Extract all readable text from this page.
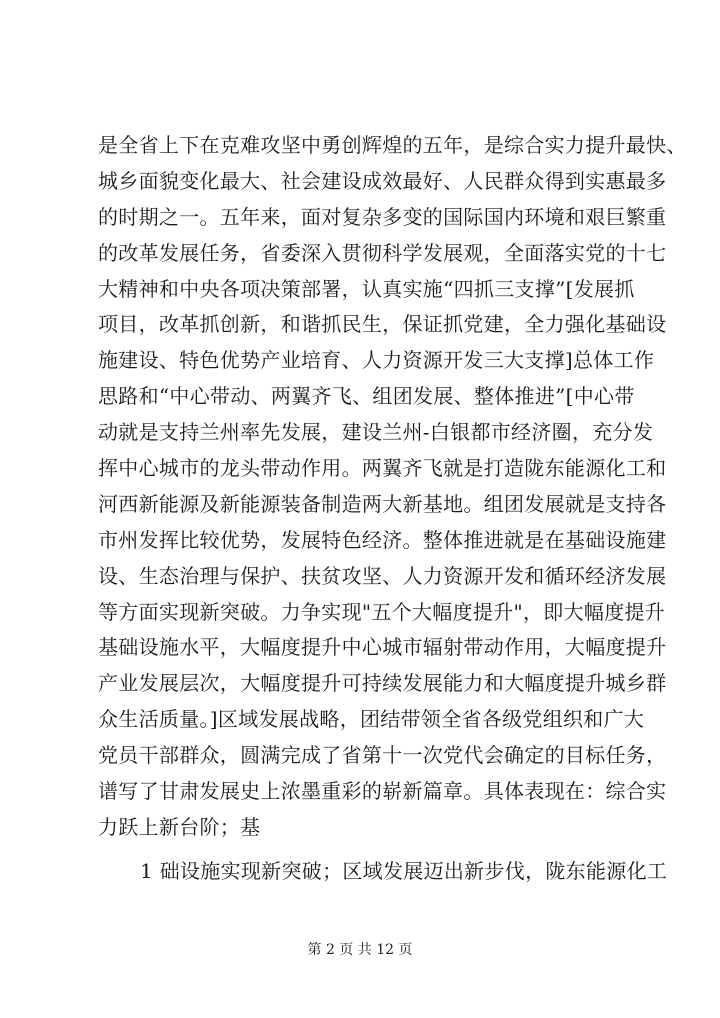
是全省上下在克难攻坚中勇创辉煌的五年，是综合实力提升最快、
城乡面貌变化最大、社会建设成效最好、人民群众得到实惠最多
的时期之一。五年来，面对复杂多变的国际国内环境和艰巨繁重
的改革发展任务，省委深入贯彻科学发展观，全面落实党的十七
大精神和中央各项决策部署，认真实施“四抓三支撑”[发展抓
项目，改革抓创新，和谐抓民生，保证抓党建，全力强化基础设
施建设、特色优势产业培育、人力资源开发三大支撑]总体工作
思路和“中心带动、两翼齐飞、组团发展、整体推进”[中心带
动就是支持兰州率先发展，建设兰州-白银都市经济圈，充分发
挥中心城市的龙头带动作用。两翼齐飞就是打造陇东能源化工和
河西新能源及新能源装备制造两大新基地。组团发展就是支持各
市州发挥比较优势，发展特色经济。整体推进就是在基础设施建
设、生态治理与保护、扶贫攻坚、人力资源开发和循环经济发展
等方面实现新突破。力争实现"五个大幅度提升"，即大幅度提升
基础设施水平，大幅度提升中心城市辐射带动作用，大幅度提升
产业发展层次，大幅度提升可持续发展能力和大幅度提升城乡群
众生活质量。]区域发展战略，团结带领全省各级党组织和广大
党员干部群众，圆满完成了省第十一次党代会确定的目标任务，
谱写了甘肃发展史上浓墨重彩的崭新篇章。具体表现在：综合实
力跃上新台阶；基
1 础设施实现新突破；区域发展迈出新步伐，陇东能源化工
第 2 页 共 12 页
